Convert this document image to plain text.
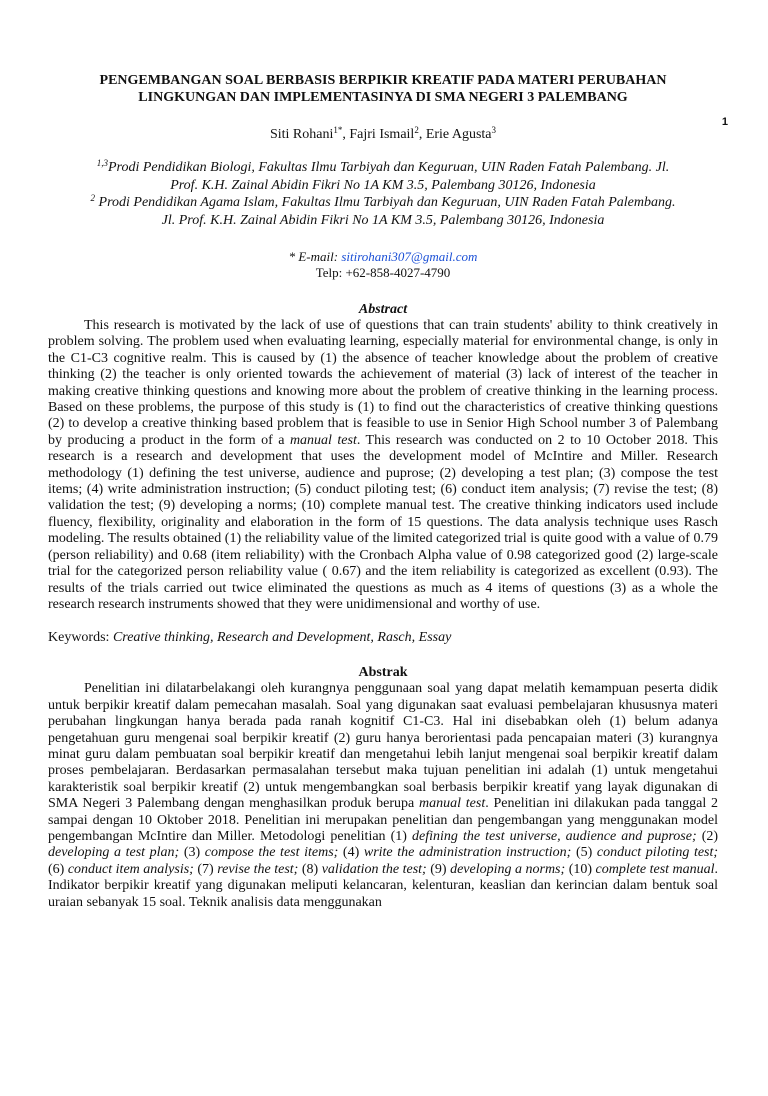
1
PENGEMBANGAN SOAL BERBASIS BERPIKIR KREATIF PADA MATERI PERUBAHAN
LINGKUNGAN DAN IMPLEMENTASINYA DI SMA NEGERI 3 PALEMBANG
Siti Rohani$^{1*}$, Fajri Ismail$^2$, Erie Agusta$^3$
$^{1,3}$Prodi Pendidikan Biologi, Fakultas Ilmu Tarbiyah dan Keguruan, UIN Raden Fatah Palembang. Jl.
Prof. K.H. Zainal Abidin Fikri No 1A KM 3.5, Palembang 30126, Indonesia
$^2$ Prodi Pendidikan Agama Islam, Fakultas Ilmu Tarbiyah dan Keguruan, UIN Raden Fatah Palembang.
Jl. Prof. K.H. Zainal Abidin Fikri No 1A KM 3.5, Palembang 30126, Indonesia
* E-mail: sitirohani307@gmail.com
Telp: +62-858-4027-4790
Abstract

This research is motivated by the lack of use of questions that can train students' ability to think creatively in problem solving. The problem used when evaluating learning, especially material for environmental change, is only in the C1-C3 cognitive realm. This is caused by (1) the absence of teacher knowledge about the problem of creative thinking (2) the teacher is only oriented towards the achievement of material (3) lack of interest of the teacher in making creative thinking questions and knowing more about the problem of creative thinking in the learning process. Based on these problems, the purpose of this study is (1) to find out the characteristics of creative thinking questions (2) to develop a creative thinking based problem that is feasible to use in Senior High School number 3 of Palembang by producing a product in the form of a manual test. This research was conducted on 2 to 10 October 2018. This research is a research and development that uses the development model of McIntire and Miller. Research methodology (1) defining the test universe, audience and puprose; (2) developing a test plan; (3) compose the test items; (4) write administration instruction; (5) conduct piloting test; (6) conduct item analysis; (7) revise the test; (8) validation the test; (9) developing a norms; (10) complete manual test. The creative thinking indicators used include fluency, flexibility, originality and elaboration in the form of 15 questions. The data analysis technique uses Rasch modeling. The results obtained (1) the reliability value of the limited categorized trial is quite good with a value of 0.79 (person reliability) and 0.68 (item reliability) with the Cronbach Alpha value of 0.98 categorized good (2) large-scale trial for the categorized person reliability value ( 0.67) and the item reliability is categorized as excellent (0.93). The results of the trials carried out twice eliminated the questions as much as 4 items of questions (3) as a whole the research research instruments showed that they were unidimensional and worthy of use.

Keywords: Creative thinking, Research and Development, Rasch, Essay
Abstrak

Penelitian ini dilatarbelakangi oleh kurangnya penggunaan soal yang dapat melatih kemampuan peserta didik untuk berpikir kreatif dalam pemecahan masalah. Soal yang digunakan saat evaluasi pembelajaran khususnya materi perubahan lingkungan hanya berada pada ranah kognitif C1-C3. Hal ini disebabkan oleh (1) belum adanya pengetahuan guru mengenai soal berpikir kreatif (2) guru hanya berorientasi pada pencapaian materi (3) kurangnya minat guru dalam pembuatan soal berpikir kreatif dan mengetahui lebih lanjut mengenai soal berpikir kreatif dalam proses pembelajaran. Berdasarkan permasalahan tersebut maka tujuan penelitian ini adalah (1) untuk mengetahui karakteristik soal berpikir kreatif (2) untuk mengembangkan soal berbasis berpikir kreatif yang layak digunakan di SMA Negeri 3 Palembang dengan menghasilkan produk berupa manual test. Penelitian ini dilakukan pada tanggal 2 sampai dengan 10 Oktober 2018. Penelitian ini merupakan penelitian dan pengembangan yang menggunakan model pengembangan McIntire dan Miller. Metodologi penelitian (1) defining the test universe, audience and puprose; (2) developing a test plan; (3) compose the test items; (4) write the administration instruction; (5) conduct piloting test; (6) conduct item analysis; (7) revise the test; (8) validation the test; (9) developing a norms; (10) complete test manual. Indikator berpikir kreatif yang digunakan meliputi kelancaran, kelenturan, keaslian dan kerincian dalam bentuk soal uraian sebanyak 15 soal. Teknik analisis data menggunakan
